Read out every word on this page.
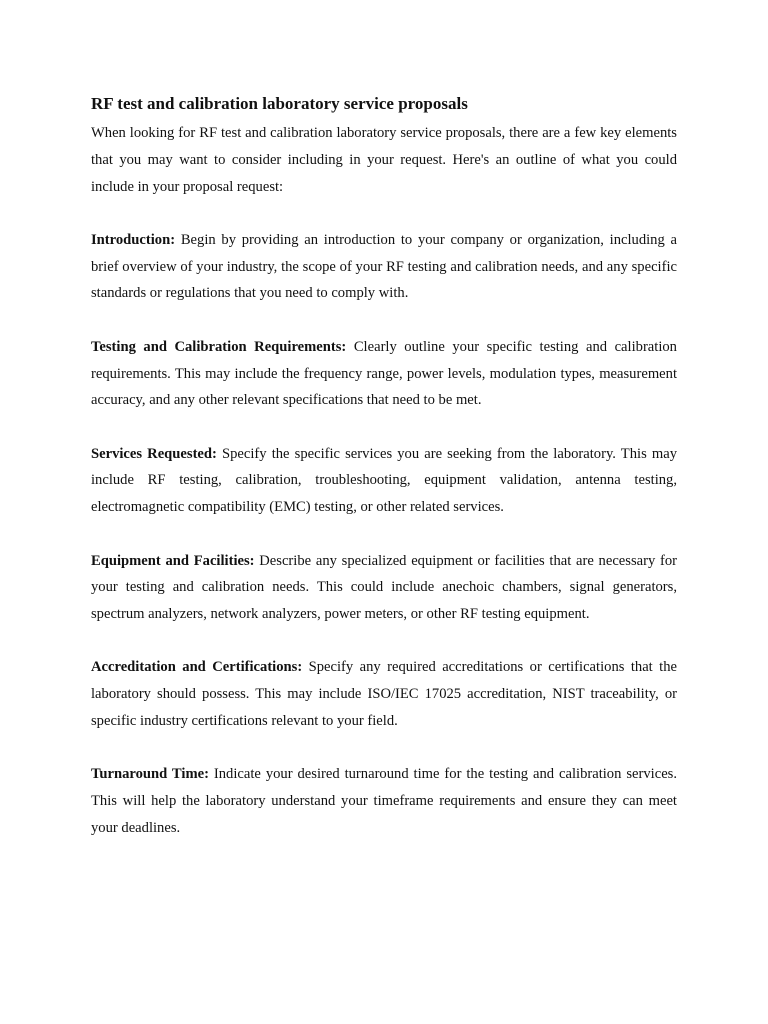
RF test and calibration laboratory service proposals

When looking for RF test and calibration laboratory service proposals, there are a few key elements that you may want to consider including in your request. Here's an outline of what you could include in your proposal request:

Introduction: Begin by providing an introduction to your company or organization, including a brief overview of your industry, the scope of your RF testing and calibration needs, and any specific standards or regulations that you need to comply with.

Testing and Calibration Requirements: Clearly outline your specific testing and calibration requirements. This may include the frequency range, power levels, modulation types, measurement accuracy, and any other relevant specifications that need to be met.

Services Requested: Specify the specific services you are seeking from the laboratory. This may include RF testing, calibration, troubleshooting, equipment validation, antenna testing, electromagnetic compatibility (EMC) testing, or other related services.

Equipment and Facilities: Describe any specialized equipment or facilities that are necessary for your testing and calibration needs. This could include anechoic chambers, signal generators, spectrum analyzers, network analyzers, power meters, or other RF testing equipment.

Accreditation and Certifications: Specify any required accreditations or certifications that the laboratory should possess. This may include ISO/IEC 17025 accreditation, NIST traceability, or specific industry certifications relevant to your field.

Turnaround Time: Indicate your desired turnaround time for the testing and calibration services. This will help the laboratory understand your timeframe requirements and ensure they can meet your deadlines.
